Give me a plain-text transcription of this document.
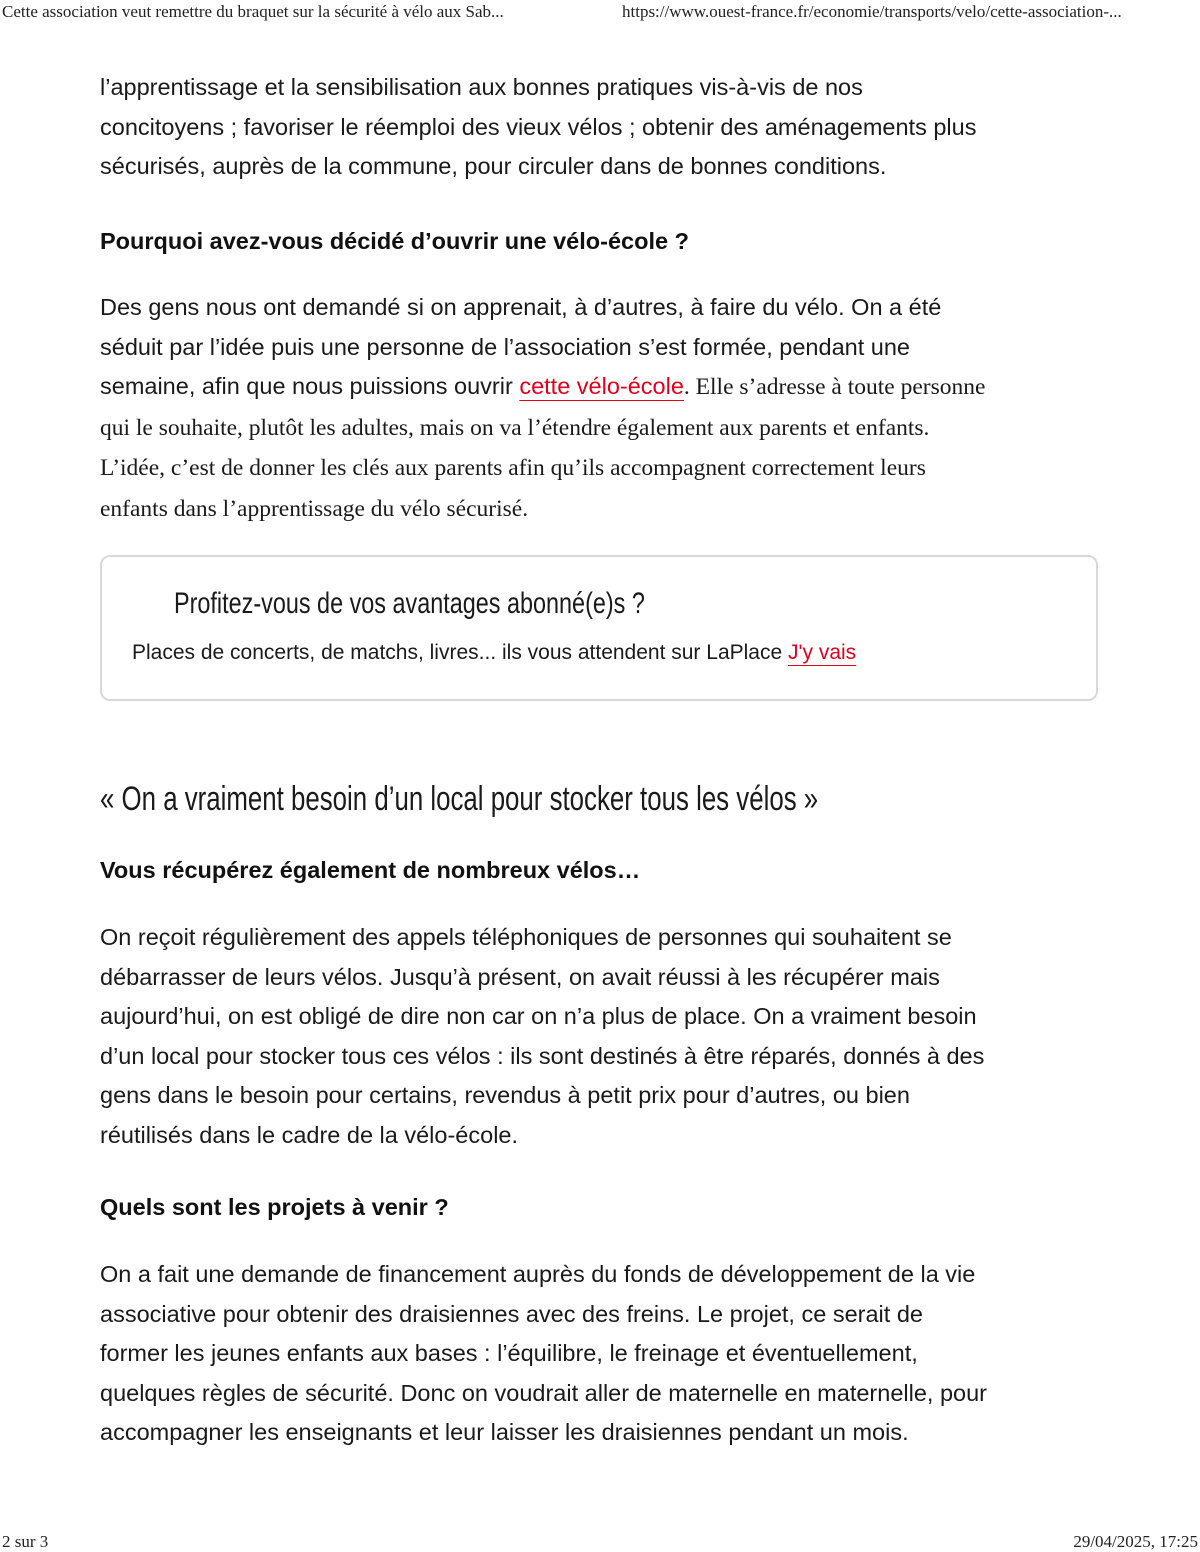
Cette association veut remettre du braquet sur la sécurité à vélo aux Sab...	https://www.ouest-france.fr/economie/transports/velo/cette-association-...

l’apprentissage et la sensibilisation aux bonnes pratiques vis-à-vis de nos
concitoyens ; favoriser le réemploi des vieux vélos ; obtenir des aménagements plus
sécurisés, auprès de la commune, pour circuler dans de bonnes conditions.

Pourquoi avez-vous décidé d’ouvrir une vélo-école ?

Des gens nous ont demandé si on apprenait, à d’autres, à faire du vélo. On a été
séduit par l’idée puis une personne de l’association s’est formée, pendant une
semaine, afin que nous puissions ouvrir cette vélo-école. Elle s’adresse à toute personne
qui le souhaite, plutôt les adultes, mais on va l’étendre également aux parents et enfants.
L’idée, c’est de donner les clés aux parents afin qu’ils accompagnent correctement leurs
enfants dans l’apprentissage du vélo sécurisé.

Profitez-vous de vos avantages abonné(e)s ?
Places de concerts, de matchs, livres... ils vous attendent sur LaPlace J'y vais
« On a vraiment besoin d’un local pour stocker tous les vélos »

Vous récupérez également de nombreux vélos…

On reçoit régulièrement des appels téléphoniques de personnes qui souhaitent se
débarrasser de leurs vélos. Jusqu’à présent, on avait réussi à les récupérer mais
aujourd’hui, on est obligé de dire non car on n’a plus de place. On a vraiment besoin
d’un local pour stocker tous ces vélos : ils sont destinés à être réparés, donnés à des
gens dans le besoin pour certains, revendus à petit prix pour d’autres, ou bien
réutilisés dans le cadre de la vélo-école.

Quels sont les projets à venir ?

On a fait une demande de financement auprès du fonds de développement de la vie
associative pour obtenir des draisiennes avec des freins. Le projet, ce serait de
former les jeunes enfants aux bases : l’équilibre, le freinage et éventuellement,
quelques règles de sécurité. Donc on voudrait aller de maternelle en maternelle, pour
accompagner les enseignants et leur laisser les draisiennes pendant un mois.

2 sur 3	29/04/2025, 17:25
